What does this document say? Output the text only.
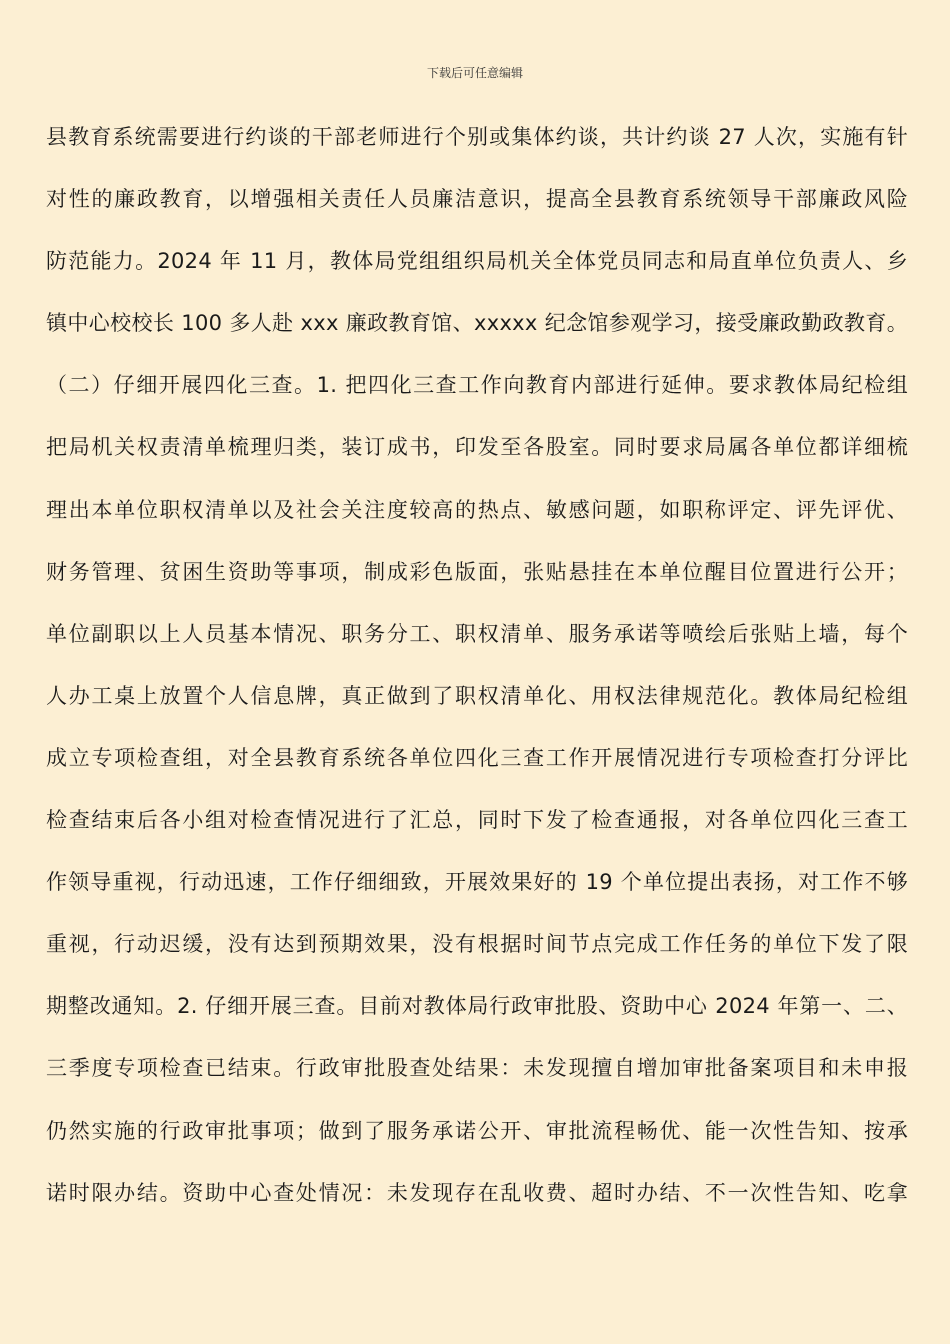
下载后可任意编辑
县教育系统需要进行约谈的干部老师进行个别或集体约谈，共计约谈 27 人次，实施有针
对性的廉政教育，以增强相关责任人员廉洁意识，提高全县教育系统领导干部廉政风险
防范能力。2024 年 11 月，教体局党组组织局机关全体党员同志和局直单位负责人、乡
镇中心校校长 100 多人赴 xxx 廉政教育馆、xxxxx 纪念馆参观学习，接受廉政勤政教育。
（二）仔细开展四化三查。1. 把四化三查工作向教育内部进行延伸。要求教体局纪检组
把局机关权责清单梳理归类，装订成书，印发至各股室。同时要求局属各单位都详细梳
理出本单位职权清单以及社会关注度较高的热点、敏感问题，如职称评定、评先评优、
财务管理、贫困生资助等事项，制成彩色版面，张贴悬挂在本单位醒目位置进行公开；
单位副职以上人员基本情况、职务分工、职权清单、服务承诺等喷绘后张贴上墙，每个
人办工桌上放置个人信息牌，真正做到了职权清单化、用权法律规范化。教体局纪检组
成立专项检查组，对全县教育系统各单位四化三查工作开展情况进行专项检查打分评比
检查结束后各小组对检查情况进行了汇总，同时下发了检查通报，对各单位四化三查工
作领导重视，行动迅速，工作仔细细致，开展效果好的 19 个单位提出表扬，对工作不够
重视，行动迟缓，没有达到预期效果，没有根据时间节点完成工作任务的单位下发了限
期整改通知。2. 仔细开展三查。目前对教体局行政审批股、资助中心 2024 年第一、二、
三季度专项检查已结束。行政审批股查处结果：未发现擅自增加审批备案项目和未申报
仍然实施的行政审批事项；做到了服务承诺公开、审批流程畅优、能一次性告知、按承
诺时限办结。资助中心查处情况：未发现存在乱收费、超时办结、不一次性告知、吃拿
